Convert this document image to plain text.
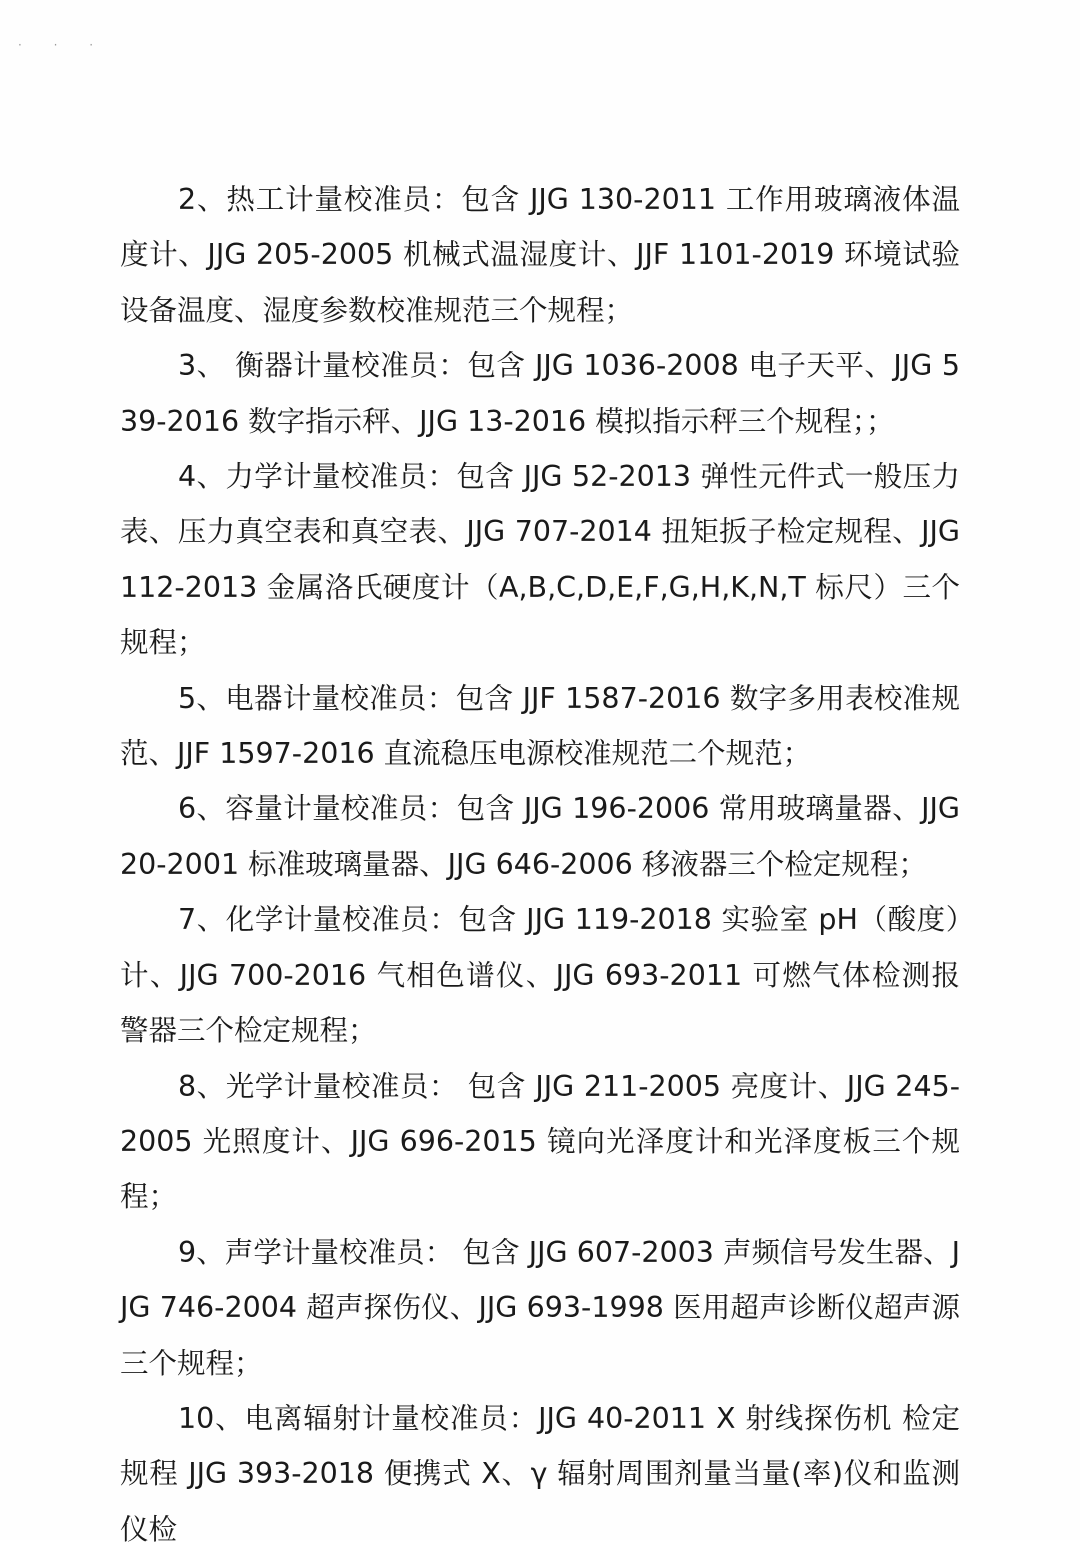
· · ·

2、热工计量校准员：包含 JJG 130-2011 工作用玻璃液体温度计、JJG 205-2005 机械式温湿度计、JJF 1101-2019 环境试验设备温度、湿度参数校准规范三个规程；

3、 衡器计量校准员：包含 JJG 1036-2008 电子天平、JJG 539-2016 数字指示秤、JJG 13-2016 模拟指示秤三个规程；；

4、力学计量校准员：包含 JJG 52-2013 弹性元件式一般压力表、压力真空表和真空表、JJG 707-2014 扭矩扳子检定规程、JJG 112-2013 金属洛氏硬度计（A,B,C,D,E,F,G,H,K,N,T 标尺）三个规程；

5、电器计量校准员：包含 JJF 1587-2016 数字多用表校准规范、JJF 1597-2016 直流稳压电源校准规范二个规范；

6、容量计量校准员：包含 JJG 196-2006 常用玻璃量器、JJG 20-2001 标准玻璃量器、JJG 646-2006 移液器三个检定规程；

7、化学计量校准员：包含 JJG 119-2018 实验室 pH（酸度）计、JJG 700-2016 气相色谱仪、JJG 693-2011 可燃气体检测报警器三个检定规程；

8、光学计量校准员： 包含 JJG 211-2005 亮度计、JJG 245-2005 光照度计、JJG 696-2015 镜向光泽度计和光泽度板三个规程；

9、声学计量校准员： 包含 JJG 607-2003 声频信号发生器、JJG 746-2004 超声探伤仪、JJG 693-1998 医用超声诊断仪超声源三个规程；

10、电离辐射计量校准员：JJG 40-2011 X 射线探伤机 检定规程 JJG 393-2018 便携式 X、γ 辐射周围剂量当量(率)仪和监测仪检
